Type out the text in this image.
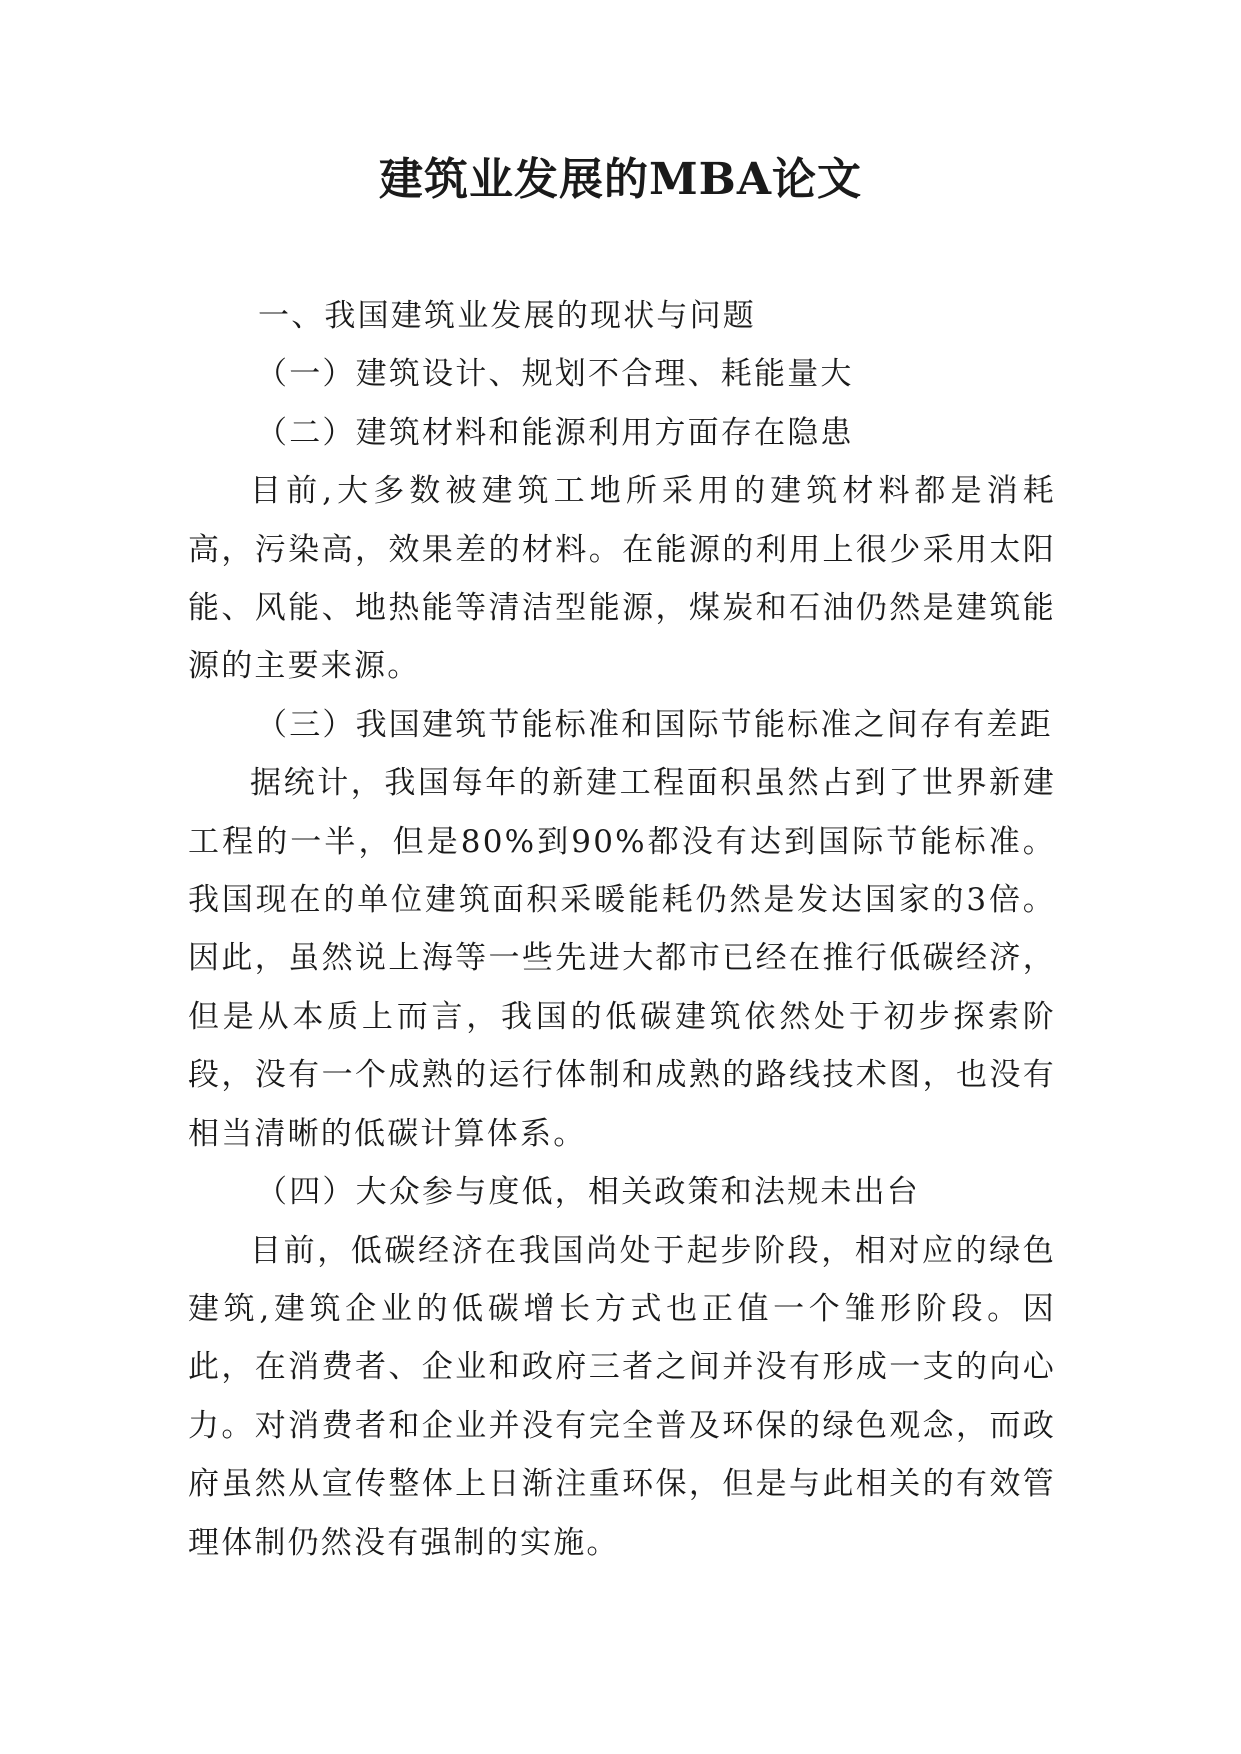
建筑业发展的MBA论文

一、我国建筑业发展的现状与问题

（一）建筑设计、规划不合理、耗能量大

（二）建筑材料和能源利用方面存在隐患

目前,大多数被建筑工地所采用的建筑材料都是消耗高，污染高，效果差的材料。在能源的利用上很少采用太阳能、风能、地热能等清洁型能源，煤炭和石油仍然是建筑能源的主要来源。

（三）我国建筑节能标准和国际节能标准之间存有差距

据统计，我国每年的新建工程面积虽然占到了世界新建工程的一半，但是80%到90%都没有达到国际节能标准。我国现在的单位建筑面积采暖能耗仍然是发达国家的3倍。因此，虽然说上海等一些先进大都市已经在推行低碳经济，但是从本质上而言，我国的低碳建筑依然处于初步探索阶段，没有一个成熟的运行体制和成熟的路线技术图，也没有相当清晰的低碳计算体系。

（四）大众参与度低，相关政策和法规未出台

目前，低碳经济在我国尚处于起步阶段，相对应的绿色建筑,建筑企业的低碳增长方式也正值一个雏形阶段。因此，在消费者、企业和政府三者之间并没有形成一支的向心力。对消费者和企业并没有完全普及环保的绿色观念，而政府虽然从宣传整体上日渐注重环保，但是与此相关的有效管理体制仍然没有强制的实施。
